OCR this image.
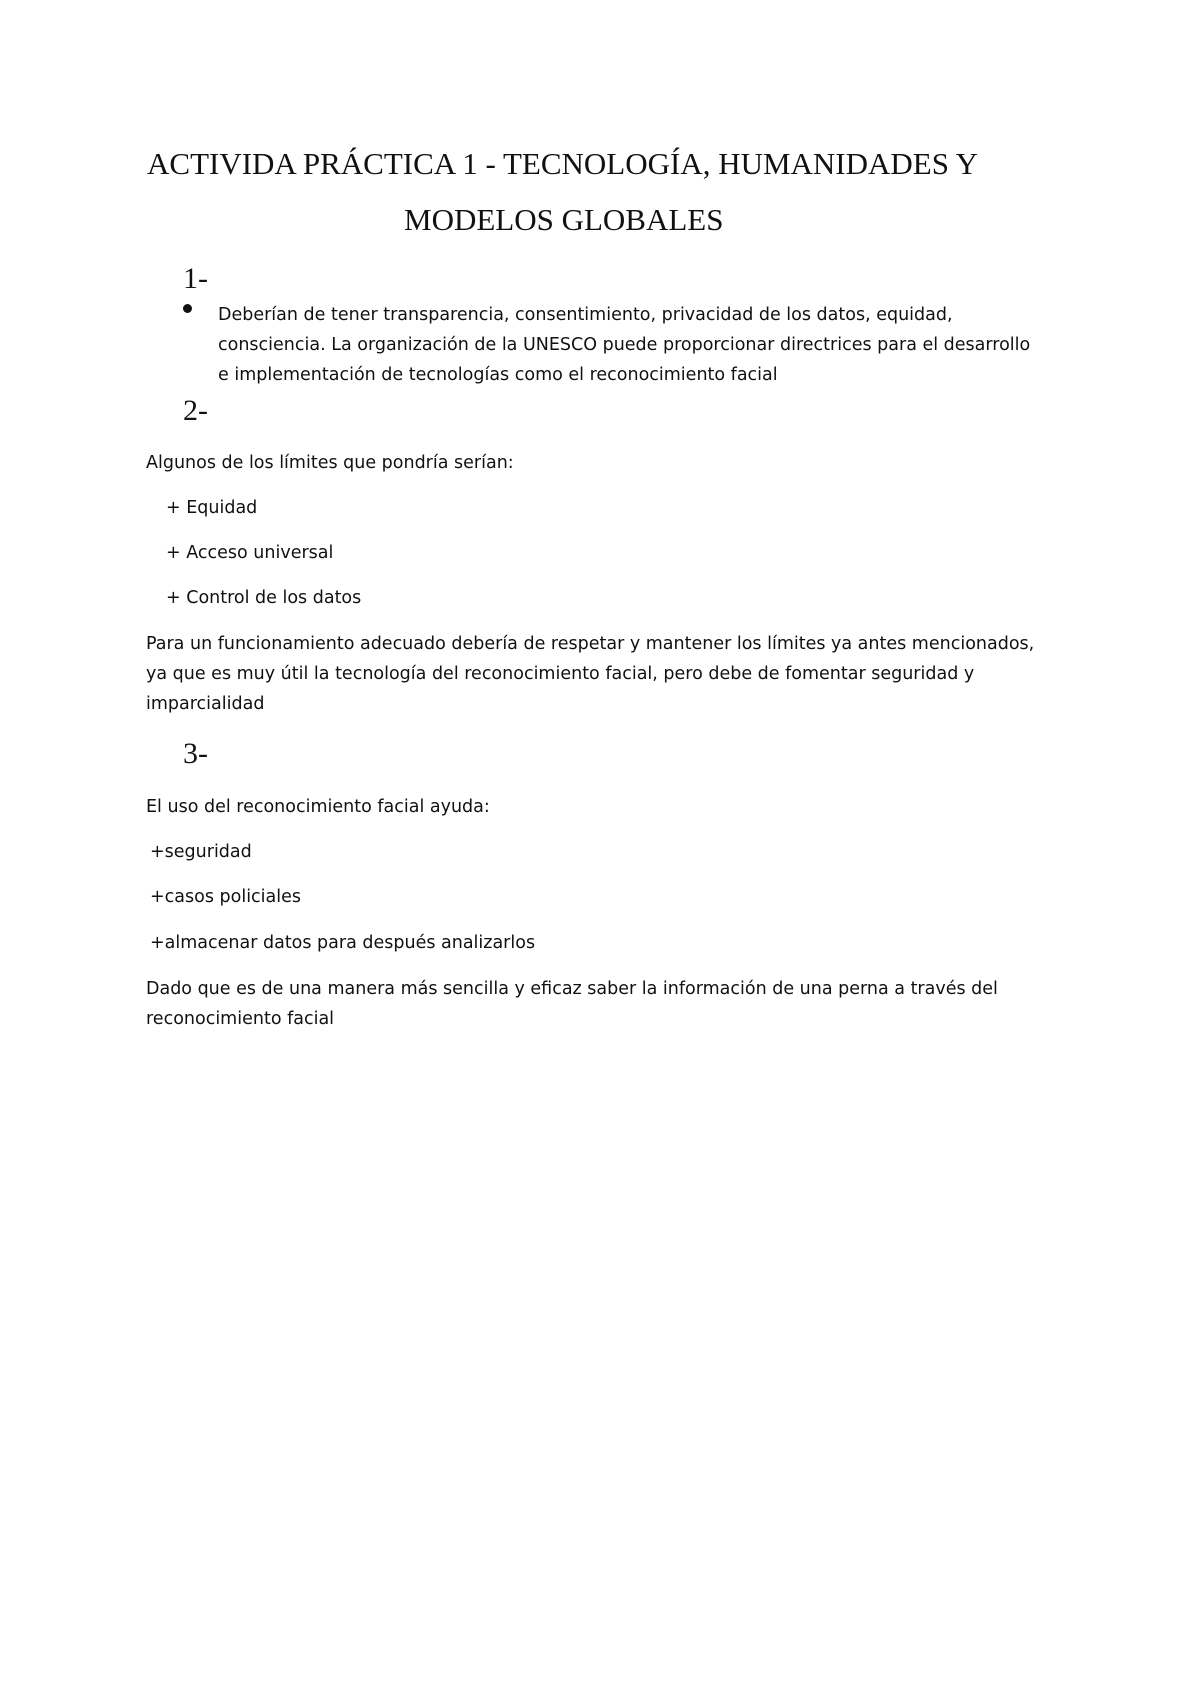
ACTIVIDA PRÁCTICA 1 - TECNOLOGÍA, HUMANIDADES Y
MODELOS GLOBALES
1-
Deberían de tener transparencia, consentimiento, privacidad de los datos, equidad,
consciencia. La organización de la UNESCO puede proporcionar directrices para el desarrollo
e implementación de tecnologías como el reconocimiento facial
2-
Algunos de los límites que pondría serían:
+ Equidad
+ Acceso universal
+ Control de los datos
Para un funcionamiento adecuado debería de respetar y mantener los límites ya antes mencionados,
ya que es muy útil la tecnología del reconocimiento facial, pero debe de fomentar seguridad y
imparcialidad
3-
El uso del reconocimiento facial ayuda:
+seguridad
+casos policiales
+almacenar datos para después analizarlos
Dado que es de una manera más sencilla y eficaz saber la información de una perna a través del
reconocimiento facial
